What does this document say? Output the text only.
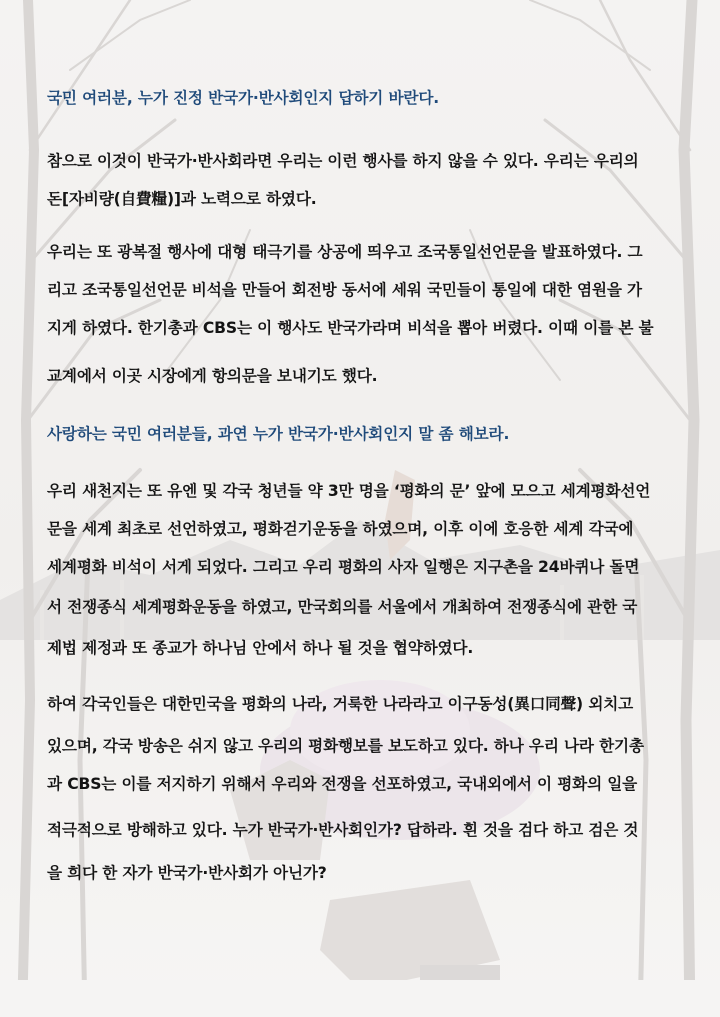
국민 여러분, 누가 진정 반국가·반사회인지 답하기 바란다.
참으로 이것이 반국가·반사회라면 우리는 이런 행사를 하지 않을 수 있다. 우리는 우리의
돈[자비량(自費糧)]과 노력으로 하였다.
우리는 또 광복절 행사에 대형 태극기를 상공에 띄우고 조국통일선언문을 발표하였다. 그
리고 조국통일선언문 비석을 만들어 회전방 동서에 세워 국민들이 통일에 대한 염원을 가
지게 하였다. 한기총과 CBS는 이 행사도 반국가라며 비석을 뽑아 버렸다. 이때 이를 본 불
교계에서 이곳 시장에게 항의문을 보내기도 했다.
사랑하는 국민 여러분들, 과연 누가 반국가·반사회인지 말 좀 해보라.
우리 새천지는 또 유엔 및 각국 청년들 약 3만 명을 ‘평화의 문’ 앞에 모으고 세계평화선언
문을 세계 최초로 선언하였고, 평화걷기운동을 하였으며, 이후 이에 호응한 세계 각국에
세계평화 비석이 서게 되었다. 그리고 우리 평화의 사자 일행은 지구촌을 24바퀴나 돌면
서 전쟁종식 세계평화운동을 하였고, 만국회의를 서울에서 개최하여 전쟁종식에 관한 국
제법 제정과 또 종교가 하나님 안에서 하나 될 것을 협약하였다.
하여 각국인들은 대한민국을 평화의 나라, 거룩한 나라라고 이구동성(異口同聲) 외치고
있으며, 각국 방송은 쉬지 않고 우리의 평화행보를 보도하고 있다. 하나 우리 나라 한기총
과 CBS는 이를 저지하기 위해서 우리와 전쟁을 선포하였고, 국내외에서 이 평화의 일을
적극적으로 방해하고 있다. 누가 반국가·반사회인가? 답하라. 흰 것을 검다 하고 검은 것
을 희다 한 자가 반국가·반사회가 아닌가?
